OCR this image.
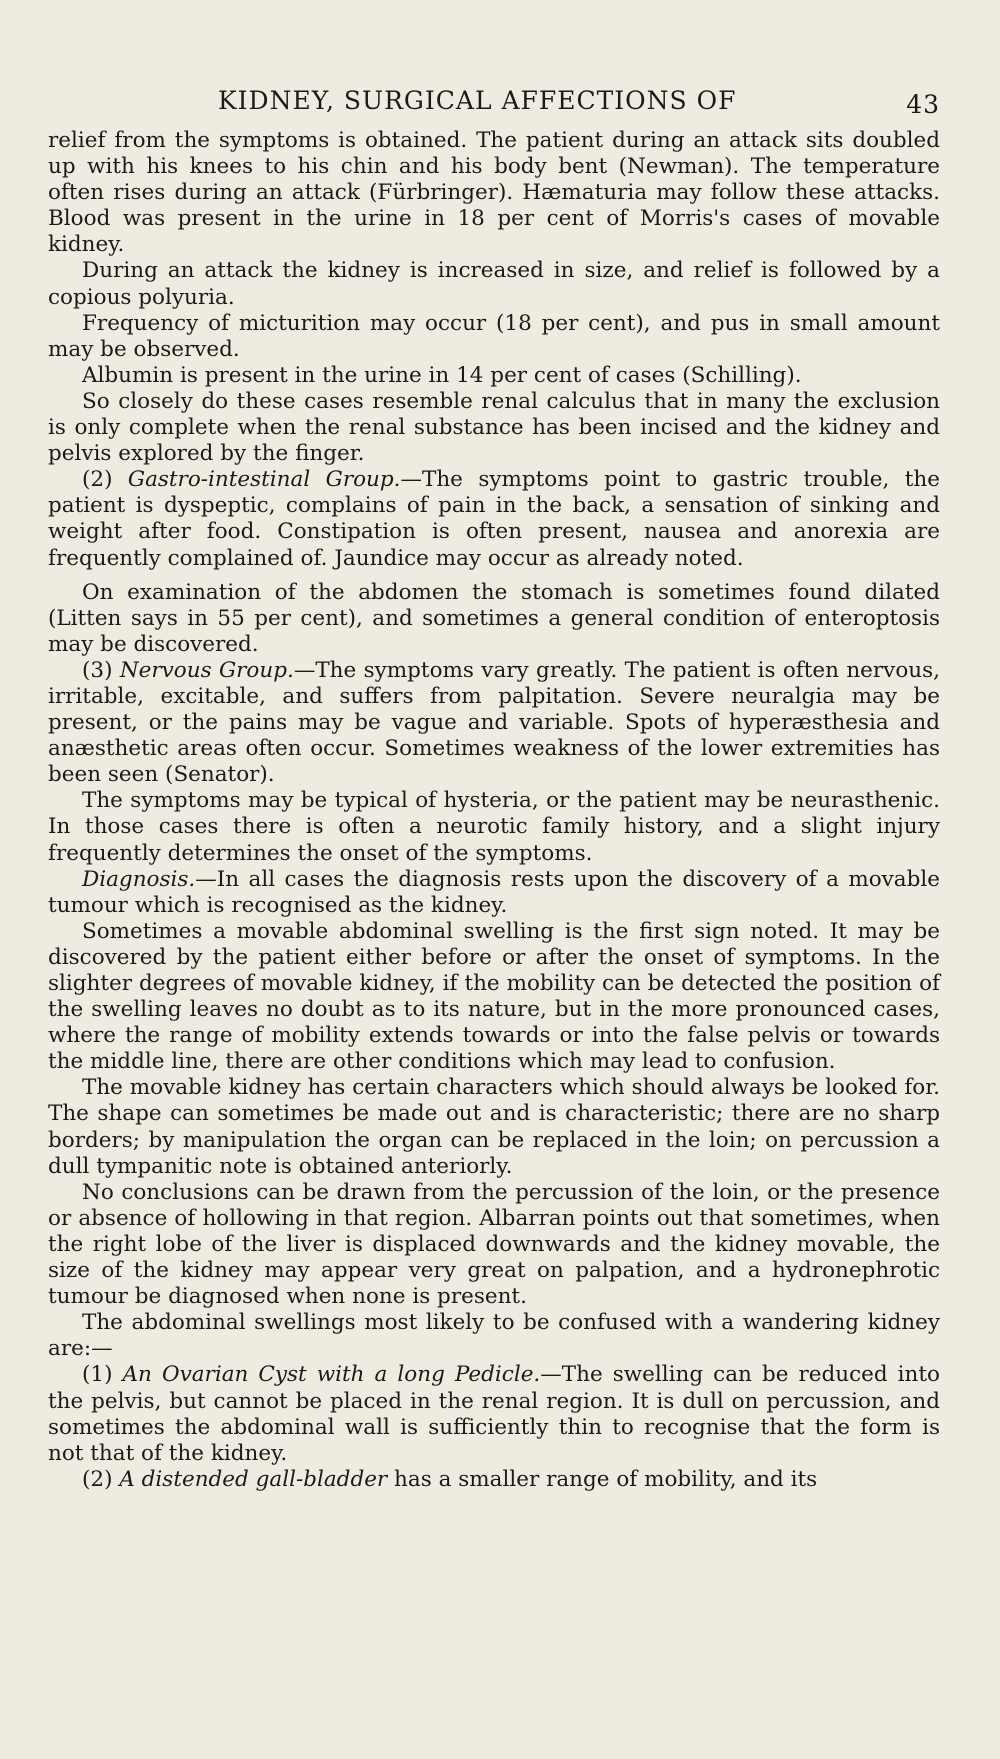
KIDNEY, SURGICAL AFFECTIONS OF	43

relief from the symptoms is obtained. The patient during an attack sits doubled up with his knees to his chin and his body bent (Newman). The temperature often rises during an attack (Fürbringer). Hæmaturia may follow these attacks. Blood was present in the urine in 18 per cent of Morris's cases of movable kidney.

During an attack the kidney is increased in size, and relief is followed by a copious polyuria.

Frequency of micturition may occur (18 per cent), and pus in small amount may be observed.

Albumin is present in the urine in 14 per cent of cases (Schilling).

So closely do these cases resemble renal calculus that in many the exclusion is only complete when the renal substance has been incised and the kidney and pelvis explored by the finger.

(2) Gastro-intestinal Group.—The symptoms point to gastric trouble, the patient is dyspeptic, complains of pain in the back, a sensation of sinking and weight after food. Constipation is often present, nausea and anorexia are frequently complained of. Jaundice may occur as already noted.

On examination of the abdomen the stomach is sometimes found dilated (Litten says in 55 per cent), and sometimes a general condition of enteroptosis may be discovered.

(3) Nervous Group.—The symptoms vary greatly. The patient is often nervous, irritable, excitable, and suffers from palpitation. Severe neuralgia may be present, or the pains may be vague and variable. Spots of hyperæsthesia and anæsthetic areas often occur. Sometimes weakness of the lower extremities has been seen (Senator).

The symptoms may be typical of hysteria, or the patient may be neurasthenic. In those cases there is often a neurotic family history, and a slight injury frequently determines the onset of the symptoms.

Diagnosis.—In all cases the diagnosis rests upon the discovery of a movable tumour which is recognised as the kidney.

Sometimes a movable abdominal swelling is the first sign noted. It may be discovered by the patient either before or after the onset of symptoms. In the slighter degrees of movable kidney, if the mobility can be detected the position of the swelling leaves no doubt as to its nature, but in the more pronounced cases, where the range of mobility extends towards or into the false pelvis or towards the middle line, there are other conditions which may lead to confusion.

The movable kidney has certain characters which should always be looked for. The shape can sometimes be made out and is characteristic; there are no sharp borders; by manipulation the organ can be replaced in the loin; on percussion a dull tympanitic note is obtained anteriorly.

No conclusions can be drawn from the percussion of the loin, or the presence or absence of hollowing in that region. Albarran points out that sometimes, when the right lobe of the liver is displaced downwards and the kidney movable, the size of the kidney may appear very great on palpation, and a hydronephrotic tumour be diagnosed when none is present.

The abdominal swellings most likely to be confused with a wandering kidney are:—

(1) An Ovarian Cyst with a long Pedicle.—The swelling can be reduced into the pelvis, but cannot be placed in the renal region. It is dull on percussion, and sometimes the abdominal wall is sufficiently thin to recognise that the form is not that of the kidney.

(2) A distended gall-bladder has a smaller range of mobility, and its
